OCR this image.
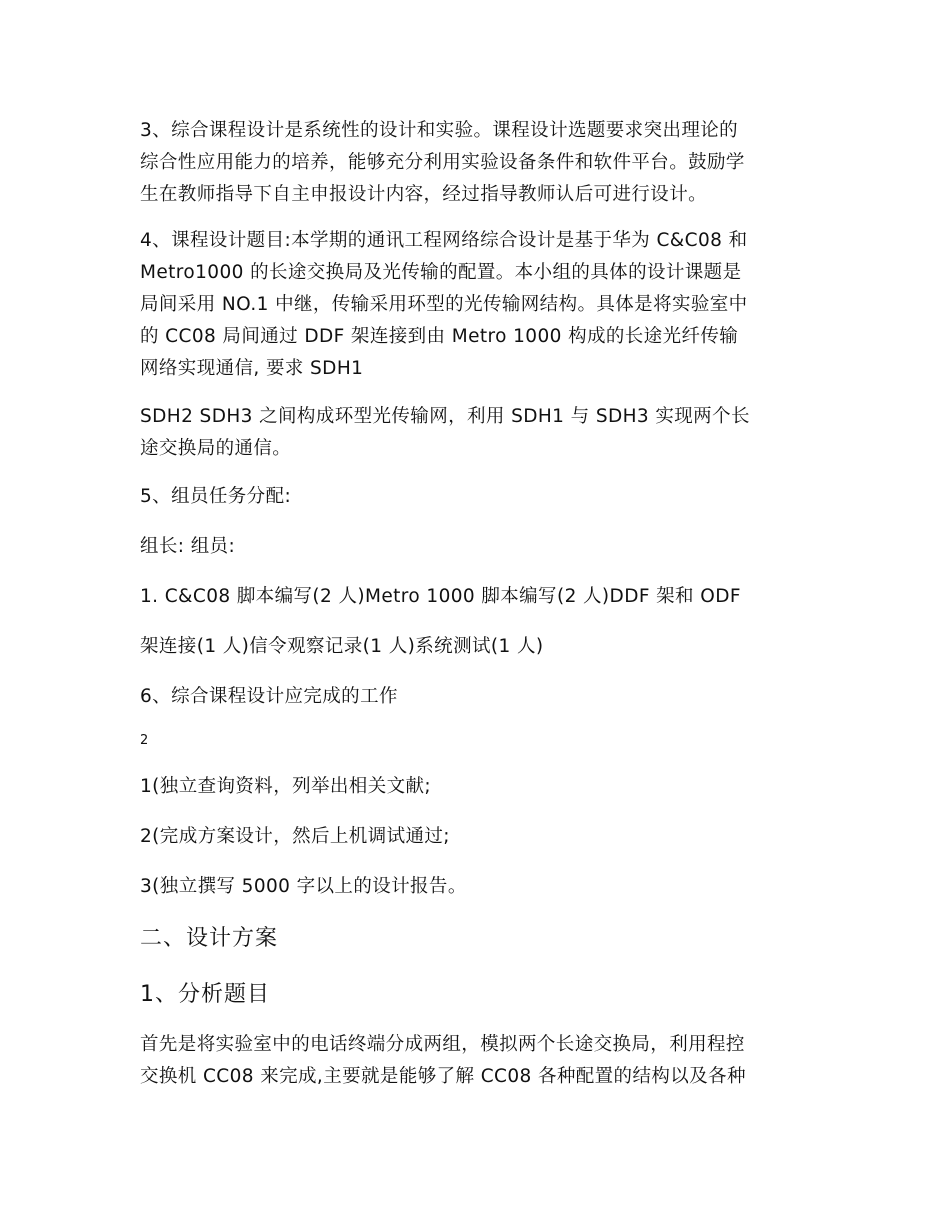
3、综合课程设计是系统性的设计和实验。课程设计选题要求突出理论的
综合性应用能力的培养，能够充分利用实验设备条件和软件平台。鼓励学
生在教师指导下自主申报设计内容，经过指导教师认后可进行设计。
4、课程设计题目:本学期的通讯工程网络综合设计是基于华为 C&C08 和
Metro1000 的长途交换局及光传输的配置。本小组的具体的设计课题是
局间采用 NO.1 中继，传输采用环型的光传输网结构。具体是将实验室中
的 CC08 局间通过 DDF 架连接到由 Metro 1000 构成的长途光纤传输
网络实现通信, 要求 SDH1
SDH2 SDH3 之间构成环型光传输网，利用 SDH1 与 SDH3 实现两个长
途交换局的通信。
5、组员任务分配:
组长: 组员:
1. C&C08 脚本编写(2 人)Metro 1000 脚本编写(2 人)DDF 架和 ODF
架连接(1 人)信令观察记录(1 人)系统测试(1 人)
6、综合课程设计应完成的工作
2
1(独立查询资料，列举出相关文献;
2(完成方案设计，然后上机调试通过;
3(独立撰写 5000 字以上的设计报告。
二、设计方案
1、分析题目
首先是将实验室中的电话终端分成两组，模拟两个长途交换局，利用程控
交换机 CC08 来完成,主要就是能够了解 CC08 各种配置的结构以及各种
